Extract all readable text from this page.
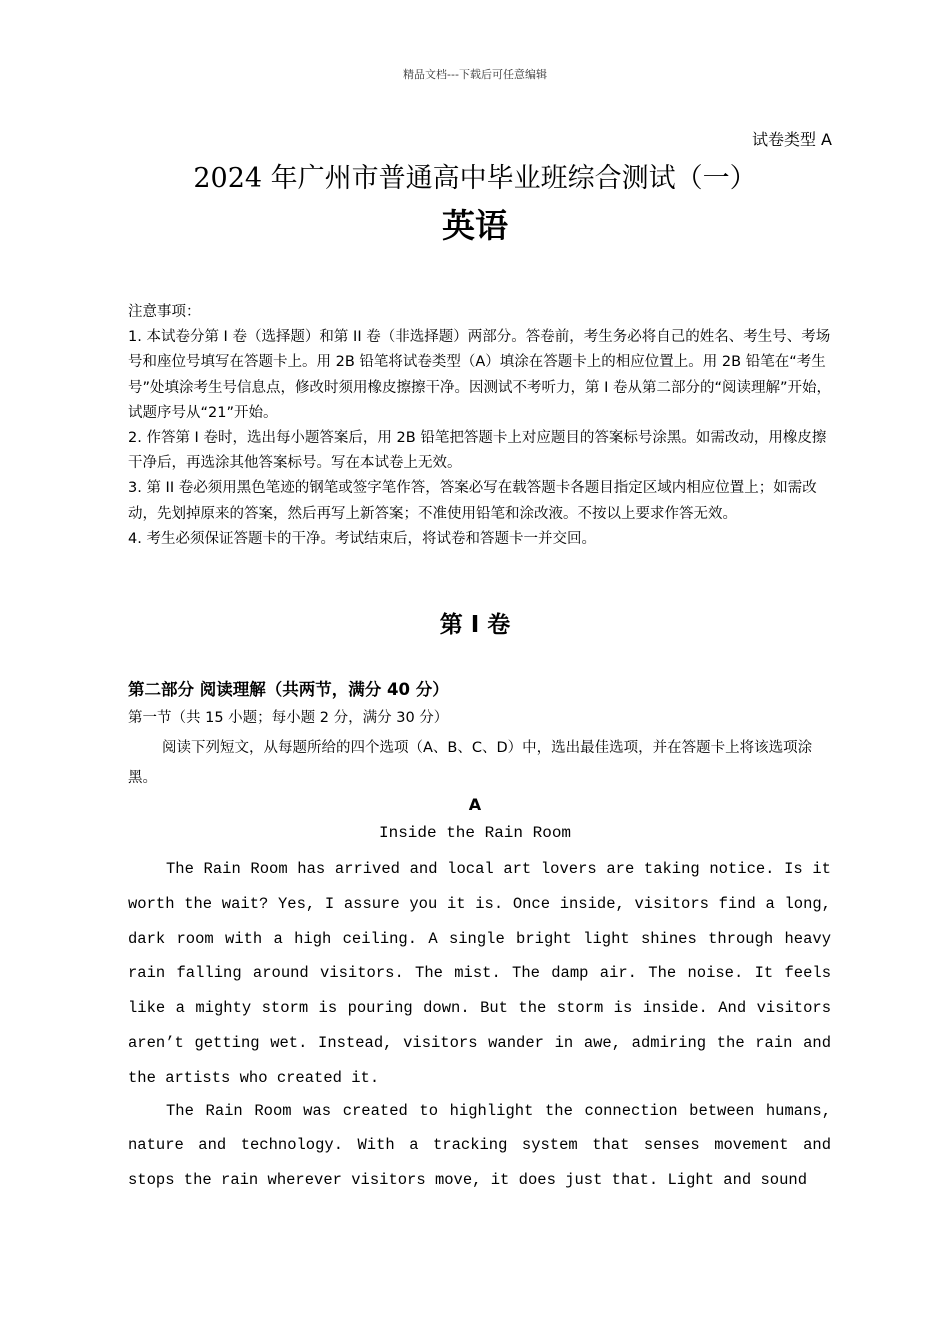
精品文档---下载后可任意编辑
试卷类型 A
2024 年广州市普通高中毕业班综合测试（一）
英语

注意事项：

1. 本试卷分第 I 卷（选择题）和第 II 卷（非选择题）两部分。答卷前，考生务必将自己的姓名、考生号、考场号和座位号填写在答题卡上。用 2B 铅笔将试卷类型（A）填涂在答题卡上的相应位置上。用 2B 铅笔在“考生号”处填涂考生号信息点，修改时须用橡皮擦擦干净。因测试不考听力，第 I 卷从第二部分的“阅读理解”开始，试题序号从“21”开始。

2. 作答第 I 卷时，选出每小题答案后，用 2B 铅笔把答题卡上对应题目的答案标号涂黑。如需改动，用橡皮擦干净后，再选涂其他答案标号。写在本试卷上无效。

3. 第 II 卷必须用黑色笔迹的钢笔或签字笔作答，答案必写在载答题卡各题目指定区域内相应位置上；如需改动，先划掉原来的答案，然后再写上新答案；不准使用铅笔和涂改液。不按以上要求作答无效。

4. 考生必须保证答题卡的干净。考试结束后，将试卷和答题卡一并交回。

第 I 卷
第二部分 阅读理解（共两节，满分 40 分）
第一节（共 15 小题；每小题 2 分，满分 30 分）

阅读下列短文，从每题所给的四个选项（A、B、C、D）中，选出最佳选项，并在答题卡上将该选项涂黑。

A
Inside the Rain Room

The Rain Room has arrived and local art lovers are taking notice. Is it worth the wait? Yes, I assure you it is. Once inside, visitors find a long, dark room with a high ceiling. A single bright light shines through heavy rain falling around visitors. The mist. The damp air. The noise. It feels like a mighty storm is pouring down. But the storm is inside. And visitors aren’t getting wet. Instead, visitors wander in awe, admiring the rain and the artists who created it.

The Rain Room was created to highlight the connection between humans, nature and technology. With a tracking system that senses movement and stops the rain wherever visitors move, it does just that. Light and sound
